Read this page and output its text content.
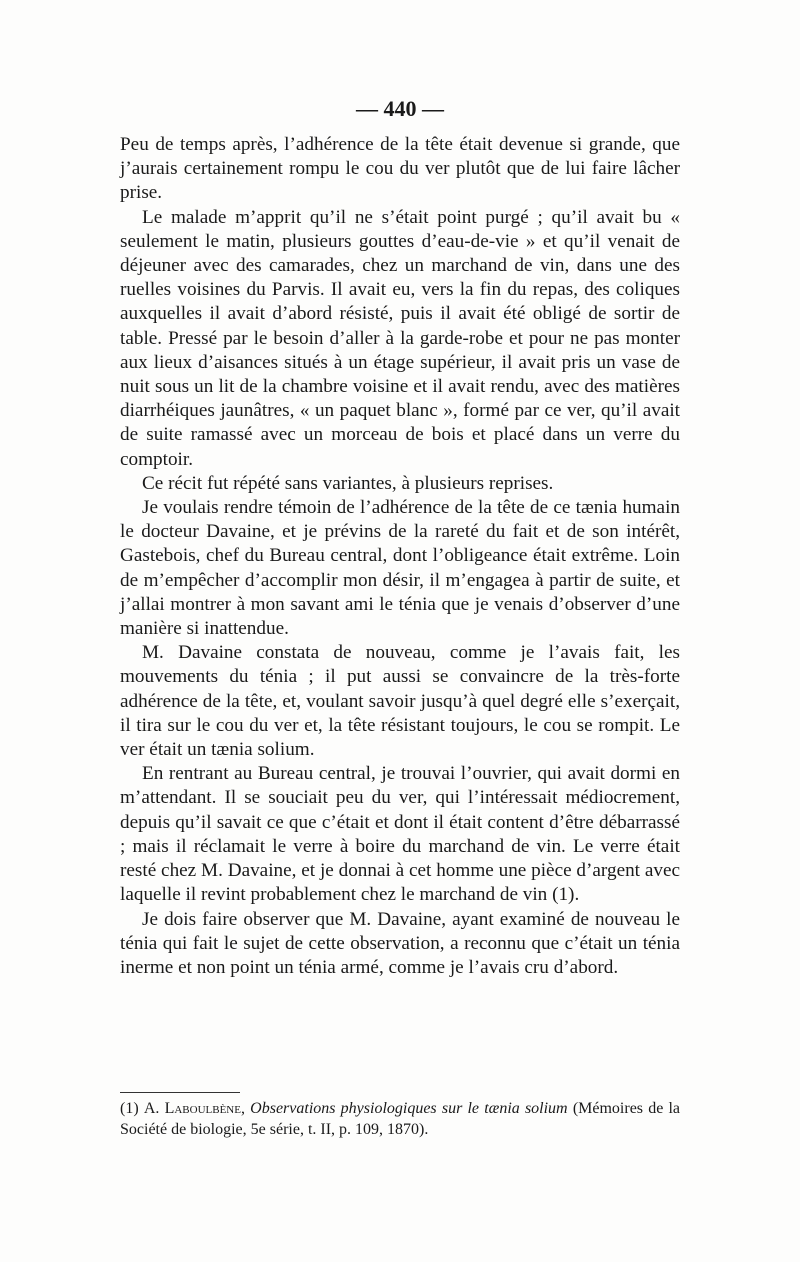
— 440 —

Peu de temps après, l’adhérence de la tête était devenue si grande, que j’aurais certainement rompu le cou du ver plutôt que de lui faire lâcher prise.

Le malade m’apprit qu’il ne s’était point purgé ; qu’il avait bu « seulement le matin, plusieurs gouttes d’eau-de-vie » et qu’il venait de déjeuner avec des camarades, chez un marchand de vin, dans une des ruelles voisines du Parvis. Il avait eu, vers la fin du repas, des coliques auxquelles il avait d’abord résisté, puis il avait été obligé de sortir de table. Pressé par le besoin d’aller à la garde-robe et pour ne pas monter aux lieux d’aisances situés à un étage supérieur, il avait pris un vase de nuit sous un lit de la chambre voisine et il avait rendu, avec des matières diarrhéiques jaunâtres, « un paquet blanc », formé par ce ver, qu’il avait de suite ramassé avec un morceau de bois et placé dans un verre du comptoir.

Ce récit fut répété sans variantes, à plusieurs reprises.

Je voulais rendre témoin de l’adhérence de la tête de ce tænia humain le docteur Davaine, et je prévins de la rareté du fait et de son intérêt, Gastebois, chef du Bureau central, dont l’obligeance était extrême. Loin de m’empêcher d’accomplir mon désir, il m’engagea à partir de suite, et j’allai montrer à mon savant ami le ténia que je venais d’observer d’une manière si inattendue.

M. Davaine constata de nouveau, comme je l’avais fait, les mouvements du ténia ; il put aussi se convaincre de la très-forte adhérence de la tête, et, voulant savoir jusqu’à quel degré elle s’exerçait, il tira sur le cou du ver et, la tête résistant toujours, le cou se rompit. Le ver était un tænia solium.

En rentrant au Bureau central, je trouvai l’ouvrier, qui avait dormi en m’attendant. Il se souciait peu du ver, qui l’intéressait médiocrement, depuis qu’il savait ce que c’était et dont il était content d’être débarrassé ; mais il réclamait le verre à boire du marchand de vin. Le verre était resté chez M. Davaine, et je donnai à cet homme une pièce d’argent avec laquelle il revint probablement chez le marchand de vin (1).

Je dois faire observer que M. Davaine, ayant examiné de nouveau le ténia qui fait le sujet de cette observation, a reconnu que c’était un ténia inerme et non point un ténia armé, comme je l’avais cru d’abord.

(1) A. Laboulbène, Observations physiologiques sur le tænia solium (Mémoires de la Société de biologie, 5e série, t. II, p. 109, 1870).
